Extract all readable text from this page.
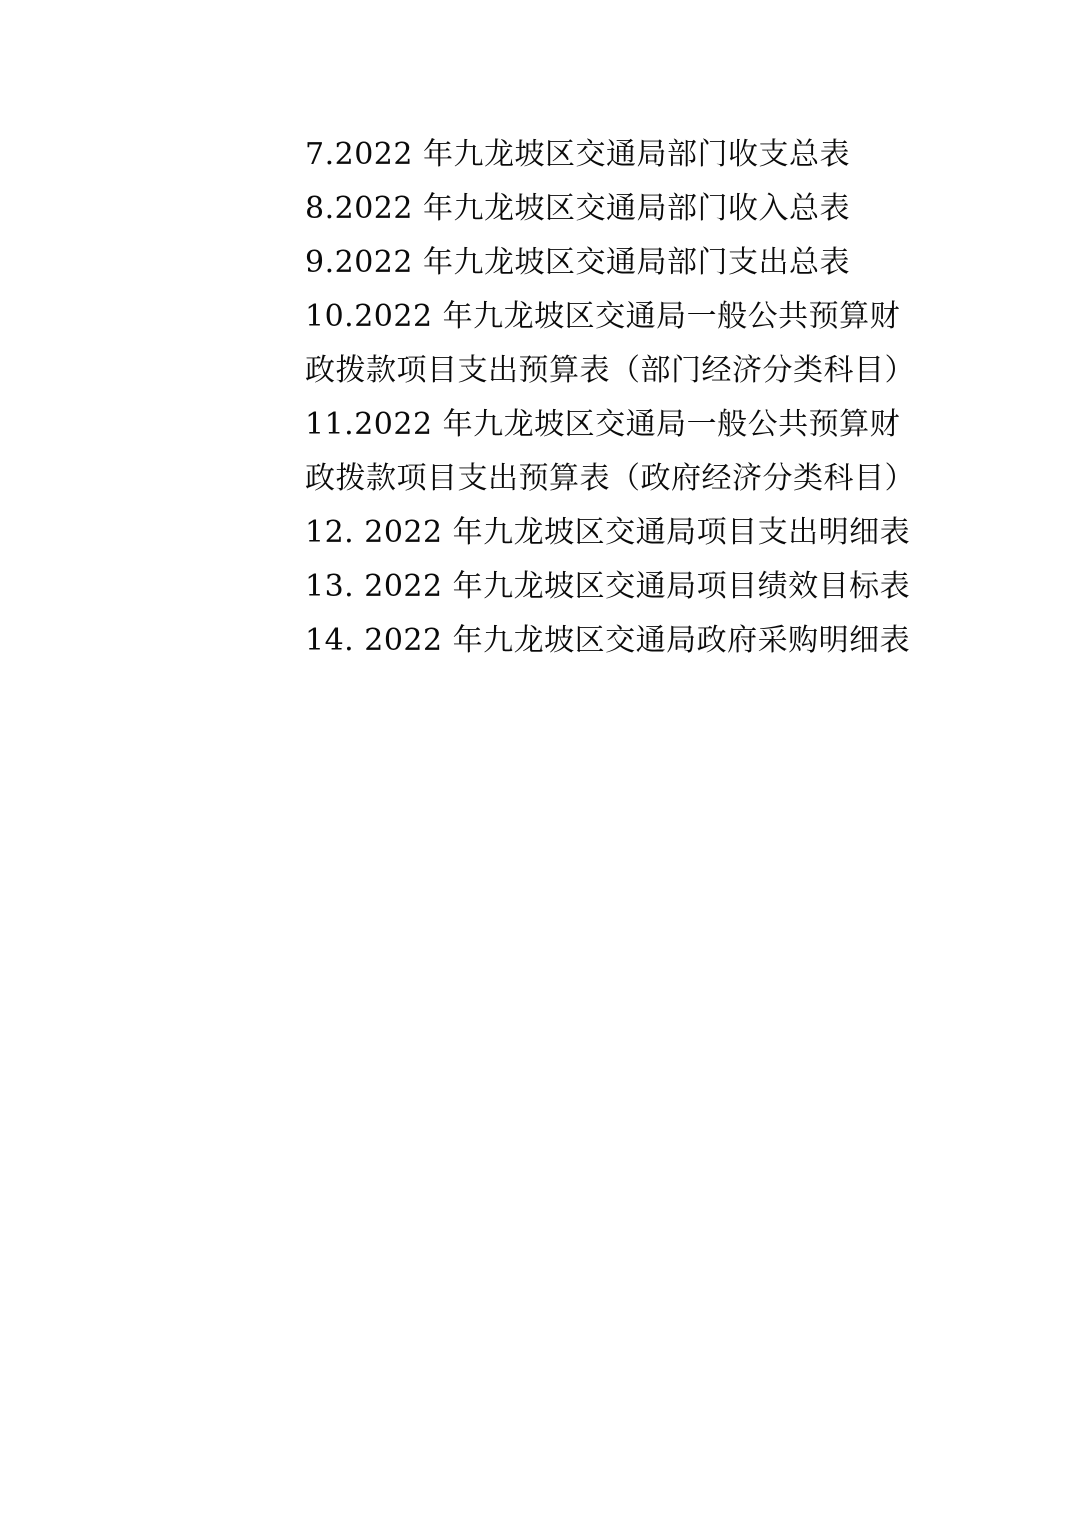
7.2022 年九龙坡区交通局部门收支总表
8.2022 年九龙坡区交通局部门收入总表
9.2022 年九龙坡区交通局部门支出总表
10.2022 年九龙坡区交通局一般公共预算财政拨款项目支出预算表（部门经济分类科目）
11.2022 年九龙坡区交通局一般公共预算财政拨款项目支出预算表（政府经济分类科目）
12. 2022 年九龙坡区交通局项目支出明细表
13. 2022 年九龙坡区交通局项目绩效目标表
14. 2022 年九龙坡区交通局政府采购明细表
